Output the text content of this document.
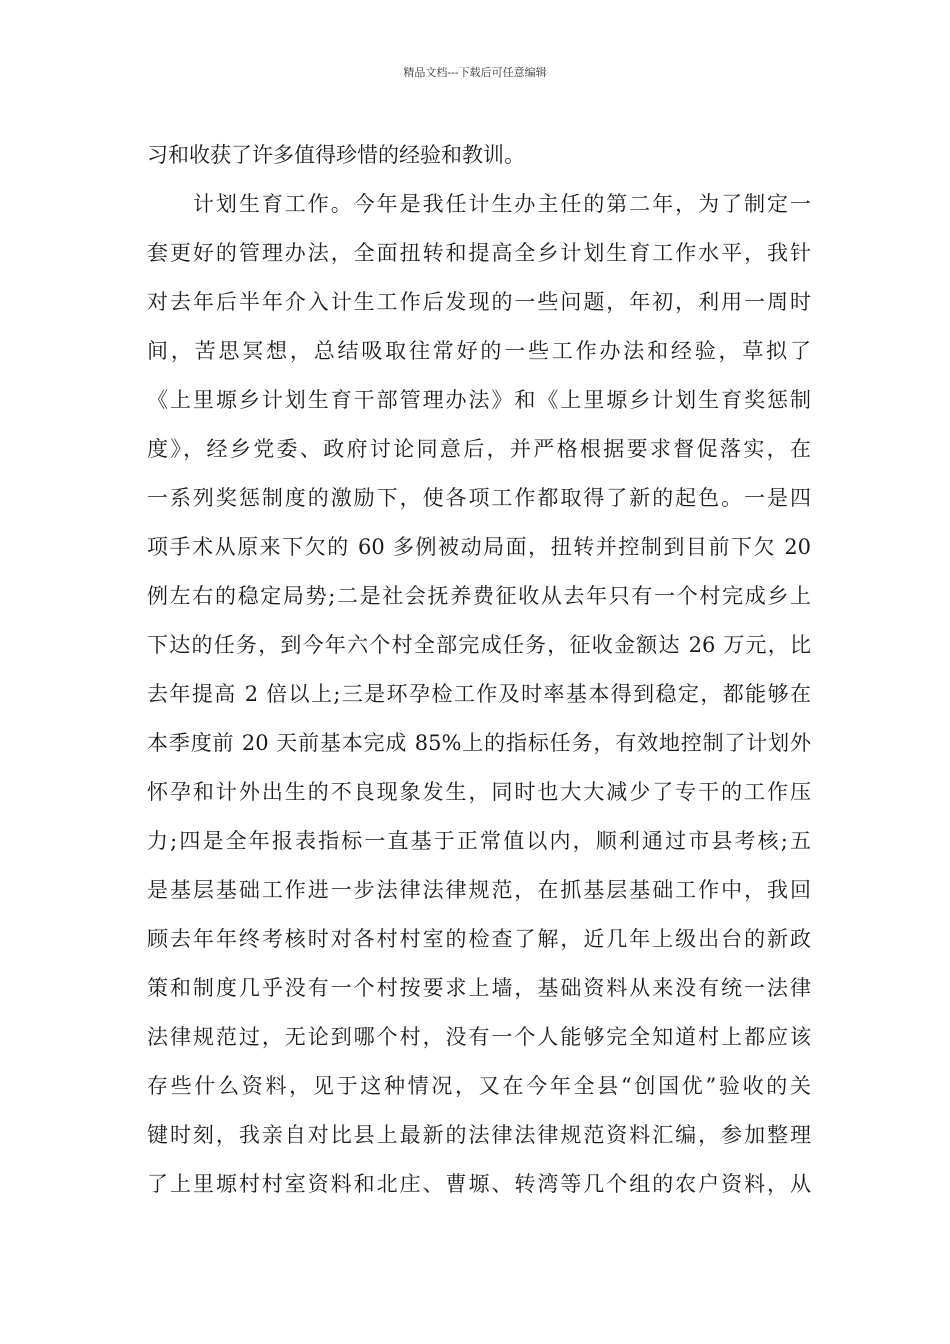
精品文档---下载后可任意编辑
习和收获了许多值得珍惜的经验和教训。
　　计划生育工作。今年是我任计生办主任的第二年，为了制定一
套更好的管理办法，全面扭转和提高全乡计划生育工作水平，我针
对去年后半年介入计生工作后发现的一些问题，年初，利用一周时
间，苦思冥想，总结吸取往常好的一些工作办法和经验，草拟了
《上里塬乡计划生育干部管理办法》和《上里塬乡计划生育奖惩制
度》，经乡党委、政府讨论同意后，并严格根据要求督促落实，在
一系列奖惩制度的激励下，使各项工作都取得了新的起色。一是四
项手术从原来下欠的 60 多例被动局面，扭转并控制到目前下欠 20
例左右的稳定局势;二是社会抚养费征收从去年只有一个村完成乡上
下达的任务，到今年六个村全部完成任务，征收金额达 26 万元，比
去年提高 2 倍以上;三是环孕检工作及时率基本得到稳定，都能够在
本季度前 20 天前基本完成 85%上的指标任务，有效地控制了计划外
怀孕和计外出生的不良现象发生，同时也大大减少了专干的工作压
力;四是全年报表指标一直基于正常值以内，顺利通过市县考核;五
是基层基础工作进一步法律法律规范，在抓基层基础工作中，我回
顾去年年终考核时对各村村室的检查了解，近几年上级出台的新政
策和制度几乎没有一个村按要求上墙，基础资料从来没有统一法律
法律规范过，无论到哪个村，没有一个人能够完全知道村上都应该
存些什么资料，见于这种情况，又在今年全县“创国优”验收的关
键时刻，我亲自对比县上最新的法律法律规范资料汇编，参加整理
了上里塬村村室资料和北庄、曹塬、转湾等几个组的农户资料，从
